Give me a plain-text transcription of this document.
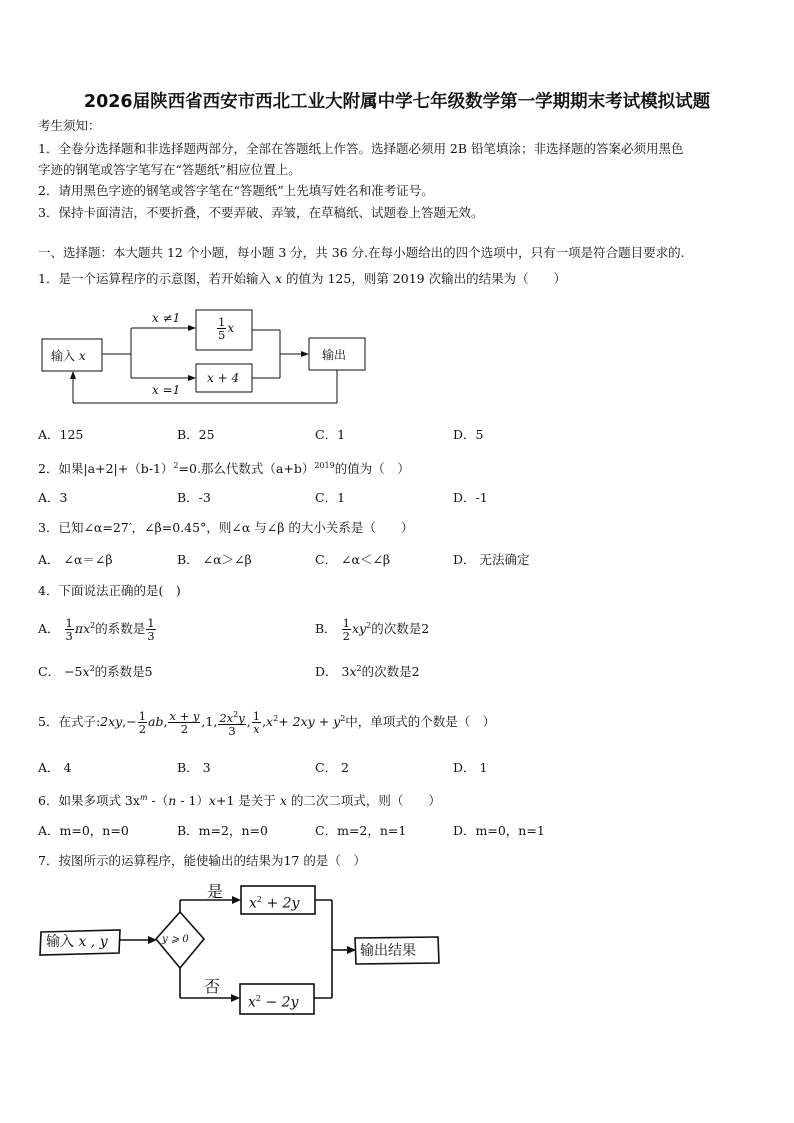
2026届陕西省西安市西北工业大附属中学七年级数学第一学期期末考试模拟试题
考生须知：
1．全卷分选择题和非选择题两部分，全部在答题纸上作答。选择题必须用 2B 铅笔填涂；非选择题的答案必须用黑色
字迹的钢笔或答字笔写在“答题纸”相应位置上。
2．请用黑色字迹的钢笔或答字笔在“答题纸”上先填写姓名和准考证号。
3．保持卡面清洁，不要折叠，不要弄破、弄皱，在草稿纸、试题卷上答题无效。
一、选择题：本大题共 12 个小题，每小题 3 分，共 36 分.在每小题给出的四个选项中，只有一项是符合题目要求的.
1．是一个运算程序的示意图，若开始输入 x 的值为 125，则第 2019 次输出的结果为（　　）
输入 x
x ≠1
x =1
$\frac{1}{5}$ x
x + 4
输出
A．125	B．25	C．1	D．5
2．如果$|a+2|+(b-1)^2=0$.那么代数式$(a+b)^{2019}$的值为（　）
A．3	B．-3	C．1	D．-1
3．已知∠α=27′，∠β=0.45°，则∠α 与∠β 的大小关系是（　　）
A． ∠α＝∠β	B． ∠α＞∠β	C． ∠α＜∠β	D． 无法确定
4．下面说法正确的是(　)
A． $\frac{1}{3} \pi x^2$的系数是 $\frac{1}{3}$	B． $\frac{1}{2} xy^2$的次数是2
C． $-5x^2$的系数是5	D． $3x^2$的次数是2
5．在式子:2xy,− $\frac{1}{2}$ ab, $\frac{x + y}{2} ,1$, $\frac{2x^2y}{3}$ , $\frac{1}{x} ,x^2+ 2xy + y^2$中，单项式的个数是（　）
A． 4	B． 3	C． 2	D． 1
6．如果多项式 $3x^m$ -（n - 1）x+1 是关于 x 的二次二项式，则（　　）
A．m=0，n=0	B．m=2，n=0	C．m=2，n=1	D．m=0，n=1
7．按图所示的运算程序，能使输出的结果为17 的是（　）
输入 x , y	y ⩾ 0
是
否
$x^2 + 2y$
$x^2 - 2y$
输出结果
